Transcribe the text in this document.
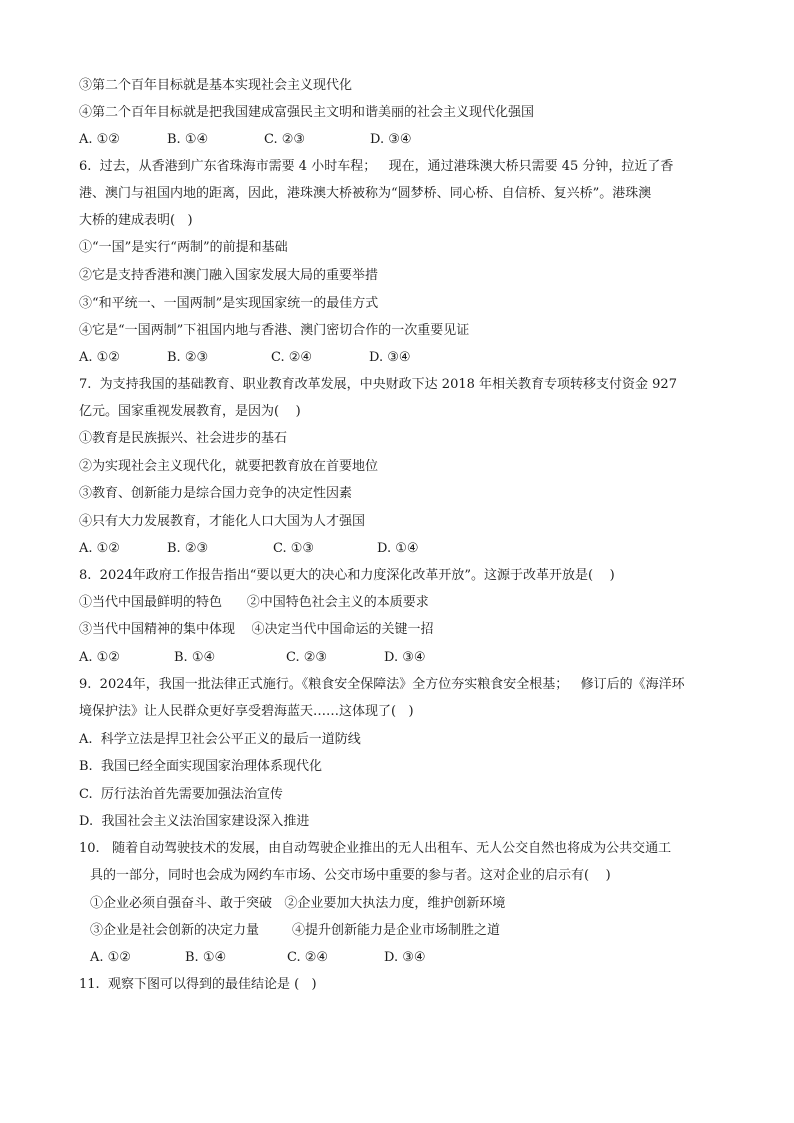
③第二个百年目标就是基本实现社会主义现代化
④第二个百年目标就是把我国建成富强民主文明和谐美丽的社会主义现代化强国

A. ①②

	B. ①④

	C. ②③

	D. ③④

6.  过去，从香港到广东省珠海市需要 4 小时车程；   现在，通过港珠澳大桥只需要 45 分钟，拉近了香
港、澳门与祖国内地的距离，因此，港珠澳大桥被称为“圆梦桥、同心桥、自信桥、复兴桥”。港珠澳
大桥的建成表明(   )
①“一国”是实行“两制”的前提和基础
②它是支持香港和澳门融入国家发展大局的重要举措
③“和平统一、一国两制”是实现国家统一的最佳方式
④它是“一国两制”下祖国内地与香港、澳门密切合作的一次重要见证

A. ①②

	B. ②③

	C. ②④

	D. ③④

7.  为支持我国的基础教育、职业教育改革发展，中央财政下达 2018 年相关教育专项转移支付资金 927
亿元。国家重视发展教育，是因为(    )
①教育是民族振兴、社会进步的基石
②为实现社会主义现代化，就要把教育放在首要地位
③教育、创新能力是综合国力竞争的决定性因素
④只有大力发展教育，才能化人口大国为人才强国

A. ①②

	B. ②③

	C. ①③

	D. ①④

8.  2024年政府工作报告指出“要以更大的决心和力度深化改革开放”。这源于改革开放是(    )
①当代中国最鲜明的特色      ②中国特色社会主义的本质要求
③当代中国精神的集中体现    ④决定当代中国命运的关键一招

A. ①②

	B. ①④

	C. ②③

	D. ③④

9.  2024年，我国一批法律正式施行。《粮食安全保障法》全方位夯实粮食安全根基；   修订后的《海洋环
境保护法》让人民群众更好享受碧海蓝天……这体现了(   )
A.  科学立法是捍卫社会公平正义的最后一道防线
B.  我国已经全面实现国家治理体系现代化
C.  厉行法治首先需要加强法治宣传
D.  我国社会主义法治国家建设深入推进
10.   随着自动驾驶技术的发展，由自动驾驶企业推出的无人出租车、无人公交自然也将成为公共交通工
具的一部分，同时也会成为网约车市场、公交市场中重要的参与者。这对企业的启示有(    )
①企业必须自强奋斗、敢于突破   ②企业要加大执法力度，维护创新环境
③企业是社会创新的决定力量        ④提升创新能力是企业市场制胜之道

A. ①②

	B. ①④

	C. ②④

	D. ③④

11.  观察下图可以得到的最佳结论是 (   )
